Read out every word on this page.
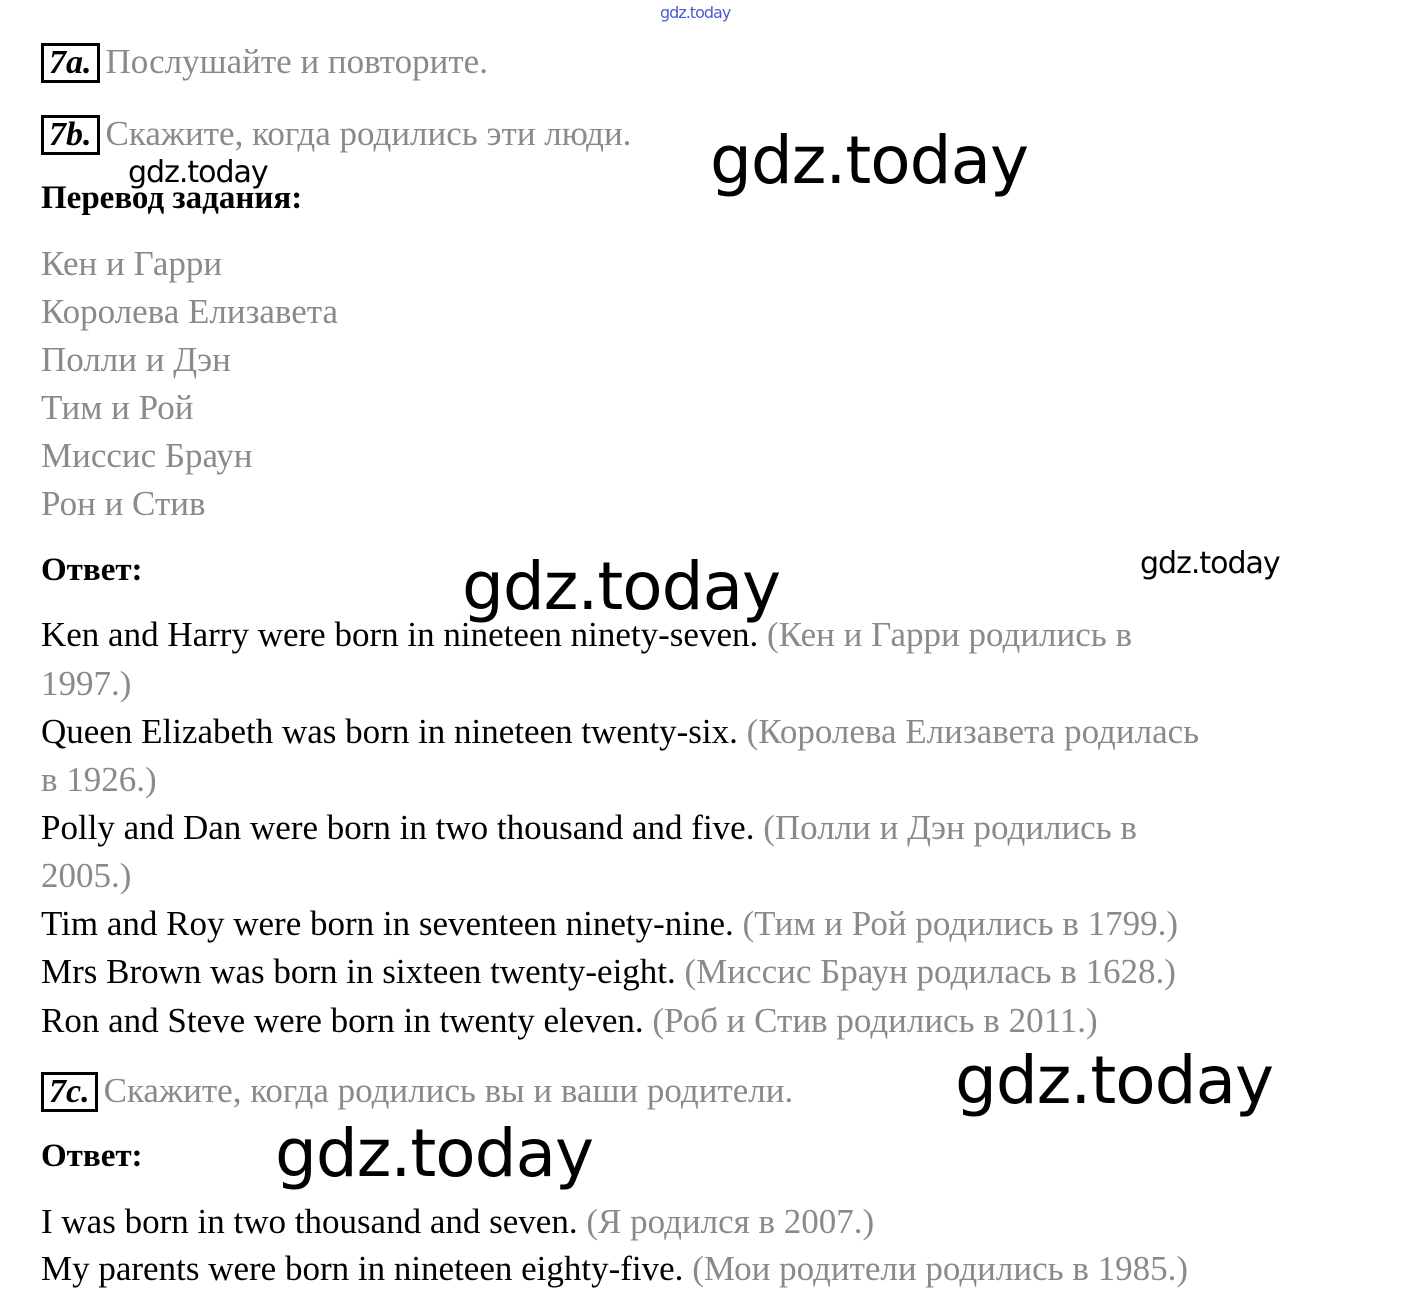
gdz.today
gdz.today
gdz.today
gdz.today	gdz.today
gdz.today
gdz.today
7a. Послушайте и повторите.
7b. Скажите, когда родились эти люди.
Перевод задания:
Кен и Гарри
Королева Елизавета
Полли и Дэн
Тим и Рой
Миссис Браун
Рон и Стив
Ответ:
Ken and Harry were born in nineteen ninety-seven. (Кен и Гарри родились в
1997.)
Queen Elizabeth was born in nineteen twenty-six. (Королева Елизавета родилась
в 1926.)
Polly and Dan were born in two thousand and five. (Полли и Дэн родились в
2005.)
Tim and Roy were born in seventeen ninety-nine. (Тим и Рой родились в 1799.)
Mrs Brown was born in sixteen twenty-eight. (Миссис Браун родилась в 1628.)
Ron and Steve were born in twenty eleven. (Роб и Стив родились в 2011.)
7c. Скажите, когда родились вы и ваши родители.
Ответ:
I was born in two thousand and seven. (Я родился в 2007.)
My parents were born in nineteen eighty-five. (Мои родители родились в 1985.)
